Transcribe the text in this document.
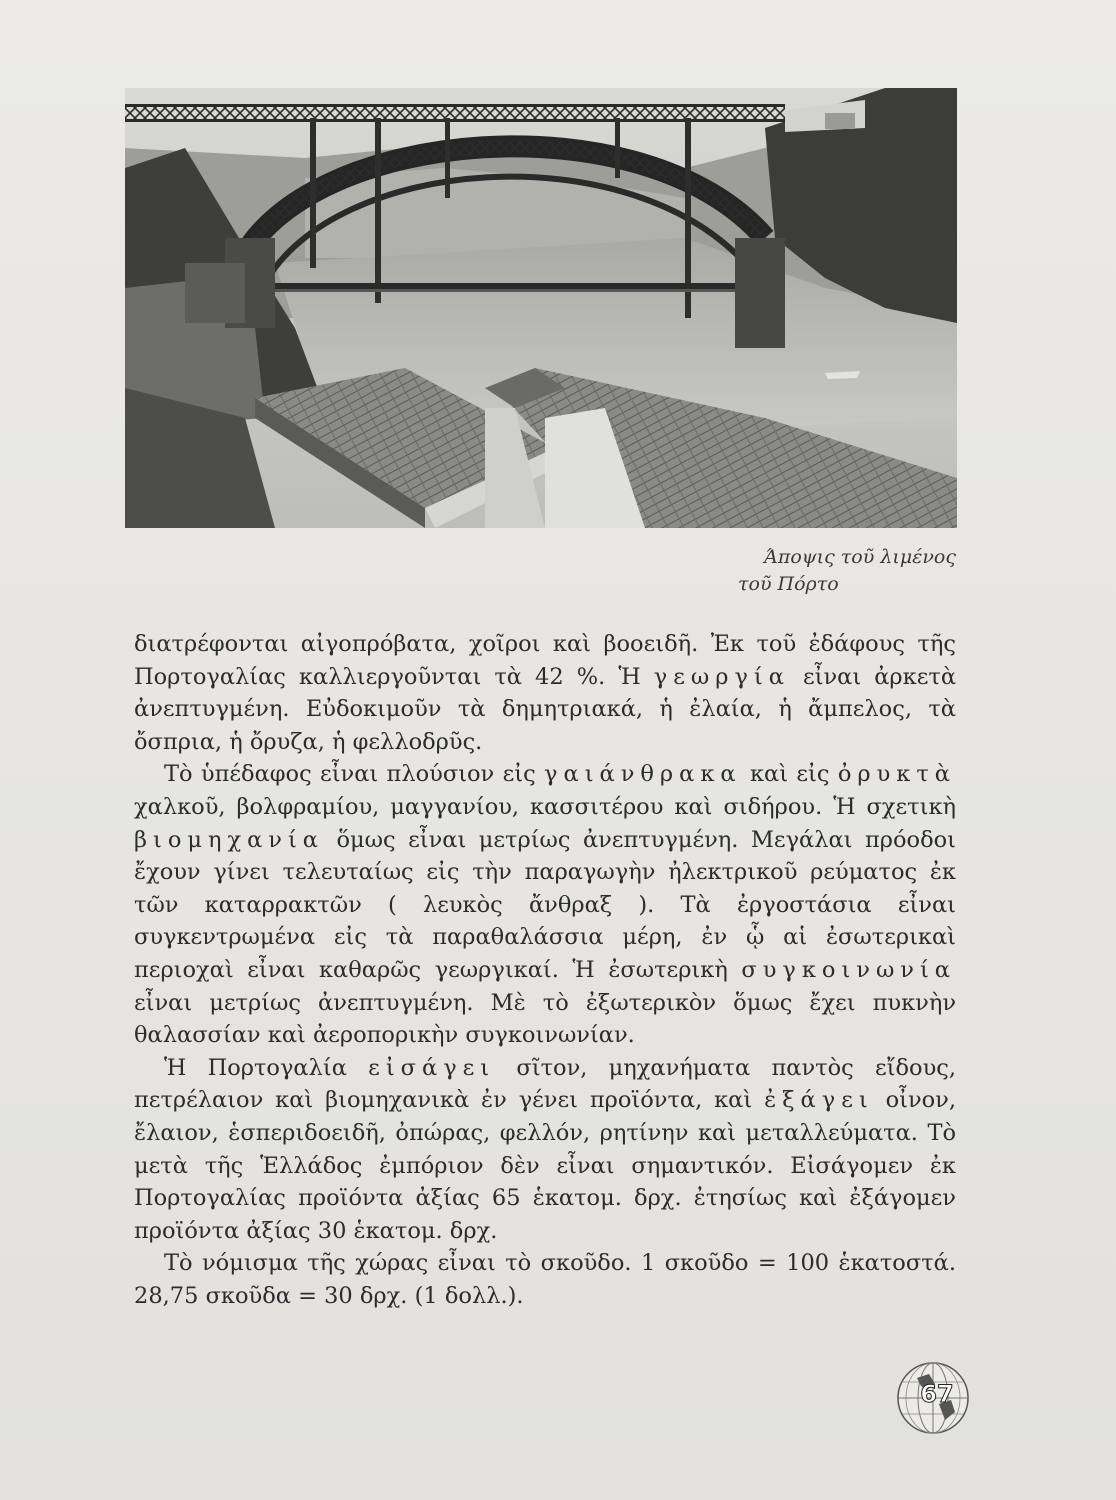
Άποψις τοῦ λιμένος
τοῦ Πόρτο

διατρέφονται αἰγοπρόβατα, χοῖροι καὶ βοοειδῆ. Ἐκ τοῦ ἐδάφους τῆς Πορτογαλίας καλλιεργοῦνται τὰ 42 %. Ἡ γεωργία εἶναι ἀρκετὰ ἀνεπτυγμένη. Εὐδοκιμοῦν τὰ δημητριακά, ἡ ἐλαία, ἡ ἄμπελος, τὰ ὄσπρια, ἡ ὄρυζα, ἡ φελλοδρῦς.

Τὸ ὑπέδαφος εἶναι πλούσιον εἰς γαιάνθρακα καὶ εἰς ὀρυκτὰ χαλκοῦ, βολφραμίου, μαγγανίου, κασσιτέρου καὶ σιδήρου. Ἡ σχετικὴ βιομηχανία ὅμως εἶναι μετρίως ἀνεπτυγμένη. Μεγάλαι πρόοδοι ἔχουν γίνει τελευταίως εἰς τὴν παραγωγὴν ἠλεκτρικοῦ ρεύματος ἐκ τῶν καταρρακτῶν ( λευκὸς ἄνθραξ ). Τὰ ἐργοστάσια εἶναι συγκεντρωμένα εἰς τὰ παραθαλάσσια μέρη, ἐν ᾧ αἱ ἐσωτερικαὶ περιοχαὶ εἶναι καθαρῶς γεωργικαί. Ἡ ἐσωτερικὴ συγκοινωνία εἶναι μετρίως ἀνεπτυγμένη. Μὲ τὸ ἐξωτερικὸν ὅμως ἔχει πυκνὴν θαλασσίαν καὶ ἀεροπορικὴν συγκοινωνίαν.

Ἡ Πορτογαλία εἰσάγει σῖτον, μηχανήματα παντὸς εἴδους, πετρέλαιον καὶ βιομηχανικὰ ἐν γένει προϊόντα, καὶ ἐξάγει οἶνον, ἔλαιον, ἑσπεριδοειδῆ, ὀπώρας, φελλόν, ρητίνην καὶ μεταλλεύματα. Τὸ μετὰ τῆς Ἑλλάδος ἐμπόριον δὲν εἶναι σημαντικόν. Εἰσάγομεν ἐκ Πορτογαλίας προϊόντα ἀξίας 65 ἑκατομ. δρχ. ἐτησίως καὶ ἐξάγομεν προϊόντα ἀξίας 30 ἑκατομ. δρχ.

Τὸ νόμισμα τῆς χώρας εἶναι τὸ σκοῦδο. 1 σκοῦδο = 100 ἑκατοστά. 28,75 σκοῦδα = 30 δρχ. (1 δολλ.).

67
